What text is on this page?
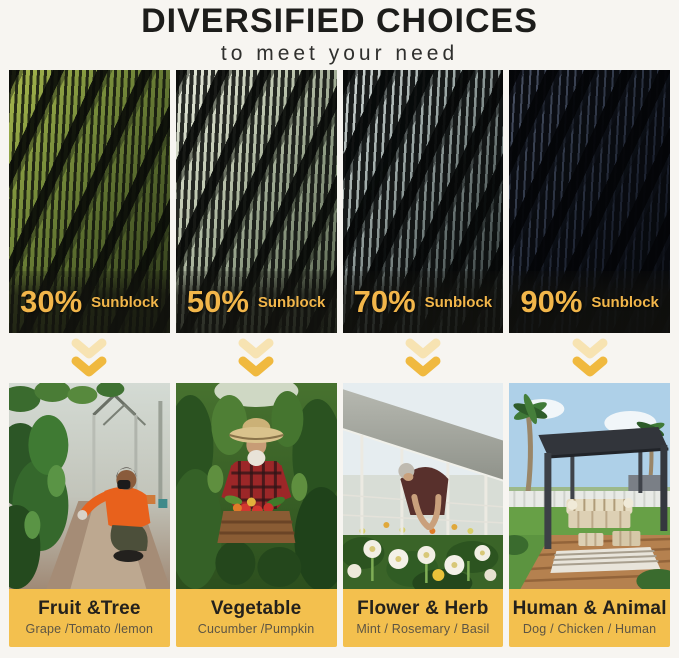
DIVERSIFIED CHOICES
to meet your need
30% Sunblock 50% Sunblock 70% Sunblock 90% Sunblock
Fruit &Tree
Grape /Tomato /lemon
Vegetable
Cucumber /Pumpkin
Flower & Herb
Mint / Rosemary / Basil
Human & Animal
Dog / Chicken / Human
